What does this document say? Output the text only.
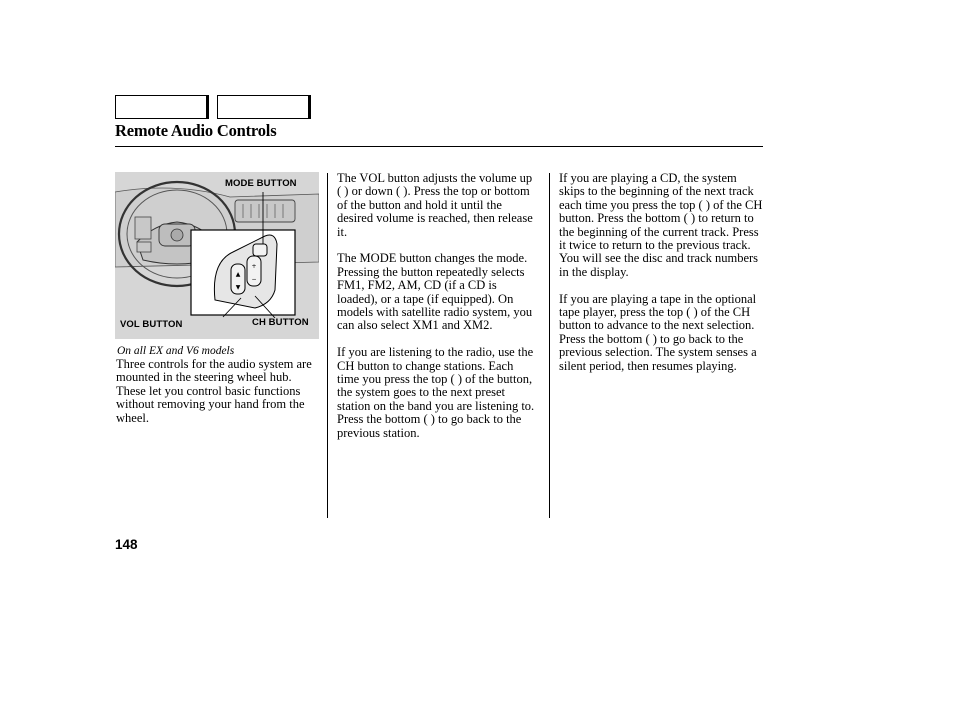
Remote Audio Controls
▲
▼
+
−
MODE BUTTON
VOL BUTTON	CH BUTTON
On all EX and V6 models

Three controls for the audio system are mounted in the steering wheel hub. These let you control basic functions without removing your hand from the wheel.

The VOL button adjusts the volume up ( ) or down ( ). Press the top or bottom of the button and hold it until the desired volume is reached, then release it.

The MODE button changes the mode. Pressing the button repeatedly selects FM1, FM2, AM, CD (if a CD is loaded), or a tape (if equipped). On models with satellite radio system, you can also select XM1 and XM2.

If you are listening to the radio, use the CH button to change stations. Each time you press the top ( ) of the button, the system goes to the next preset station on the band you are listening to. Press the bottom ( ) to go back to the previous station.

If you are playing a CD, the system skips to the beginning of the next track each time you press the top ( ) of the CH button. Press the bottom ( ) to return to the beginning of the current track. Press it twice to return to the previous track. You will see the disc and track numbers in the display.

If you are playing a tape in the optional tape player, press the top ( ) of the CH button to advance to the next selection. Press the bottom ( ) to go back to the previous selection. The system senses a silent period, then resumes playing.

148
